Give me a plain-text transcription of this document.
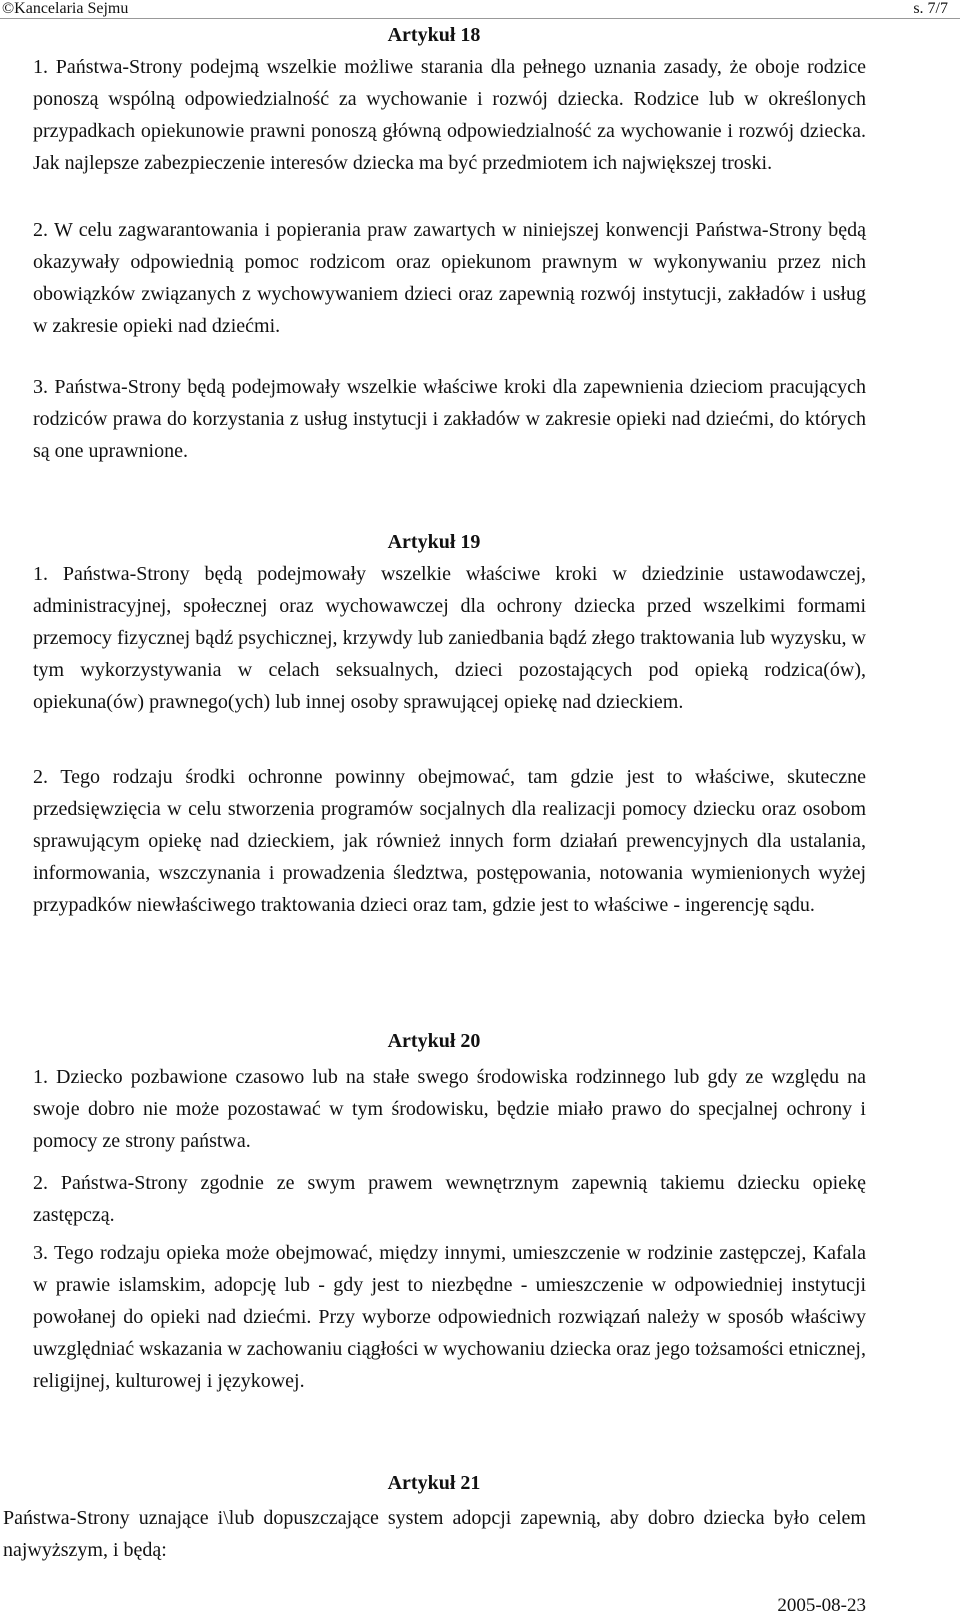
©Kancelaria Sejmu	s. 7/7
Artykuł 18
1. Państwa-Strony podejmą wszelkie możliwe starania dla pełnego uznania zasady, że oboje rodzice ponoszą wspólną odpowiedzialność za wychowanie i rozwój dziecka. Rodzice lub w określonych przypadkach opiekunowie prawni ponoszą główną odpowiedzialność za wychowanie i rozwój dziecka. Jak najlepsze zabezpieczenie interesów dziecka ma być przedmiotem ich największej troski.
2. W celu zagwarantowania i popierania praw zawartych w niniejszej konwencji Państwa-Strony będą okazywały odpowiednią pomoc rodzicom oraz opiekunom prawnym w wykonywaniu przez nich obowiązków związanych z wychowywaniem dzieci oraz zapewnią rozwój instytucji, zakładów i usług w zakresie opieki nad dziećmi.
3. Państwa-Strony będą podejmowały wszelkie właściwe kroki dla zapewnienia dzieciom pracujących rodziców prawa do korzystania z usług instytucji i zakładów w zakresie opieki nad dziećmi, do których są one uprawnione.
Artykuł 19
1. Państwa-Strony będą podejmowały wszelkie właściwe kroki w dziedzinie ustawodawczej, administracyjnej, społecznej oraz wychowawczej dla ochrony dziecka przed wszelkimi formami przemocy fizycznej bądź psychicznej, krzywdy lub zaniedbania bądź złego traktowania lub wyzysku, w tym wykorzystywania w celach seksualnych, dzieci pozostających pod opieką rodzica(ów), opiekuna(ów) prawnego(ych) lub innej osoby sprawującej opiekę nad dzieckiem.
2. Tego rodzaju środki ochronne powinny obejmować, tam gdzie jest to właściwe, skuteczne przedsięwzięcia w celu stworzenia programów socjalnych dla realizacji pomocy dziecku oraz osobom sprawującym opiekę nad dzieckiem, jak również innych form działań prewencyjnych dla ustalania, informowania, wszczynania i prowadzenia śledztwa, postępowania, notowania wymienionych wyżej przypadków niewłaściwego traktowania dzieci oraz tam, gdzie jest to właściwe - ingerencję sądu.
Artykuł 20
1. Dziecko pozbawione czasowo lub na stałe swego środowiska rodzinnego lub gdy ze względu na swoje dobro nie może pozostawać w tym środowisku, będzie miało prawo do specjalnej ochrony i pomocy ze strony państwa.
2. Państwa-Strony zgodnie ze swym prawem wewnętrznym zapewnią takiemu dziecku opiekę zastępczą.
3. Tego rodzaju opieka może obejmować, między innymi, umieszczenie w rodzinie zastępczej, Kafala w prawie islamskim, adopcję lub - gdy jest to niezbędne - umieszczenie w odpowiedniej instytucji powołanej do opieki nad dziećmi. Przy wyborze odpowiednich rozwiązań należy w sposób właściwy uwzględniać wskazania w zachowaniu ciągłości w wychowaniu dziecka oraz jego tożsamości etnicznej, religijnej, kulturowej i językowej.
Artykuł 21
Państwa-Strony uznające i\lub dopuszczające system adopcji zapewnią, aby dobro dziecka było celem najwyższym, i będą:
2005-08-23
